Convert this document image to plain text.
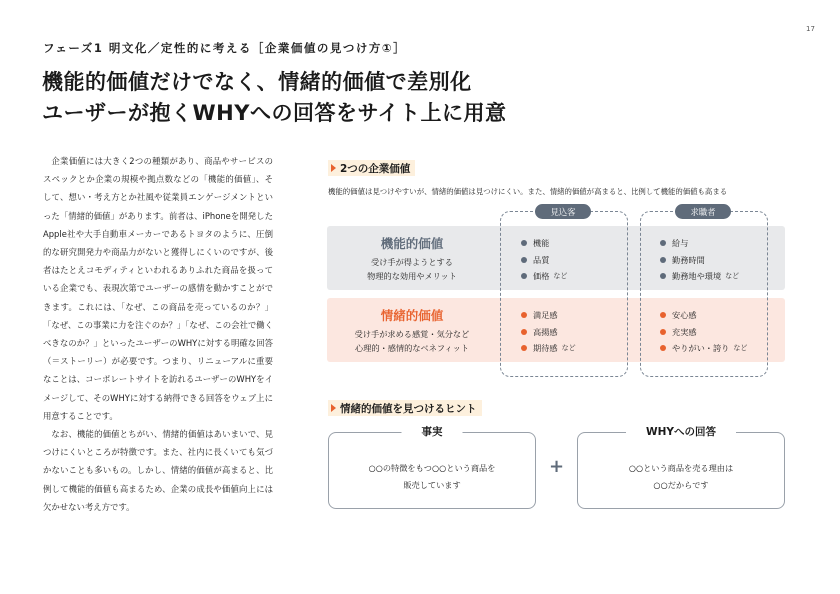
17
フェーズ1 明文化／定性的に考える［企業価値の見つけ方①］
機能的価値だけでなく、情緒的価値で差別化
ユーザーが抱くWHYへの回答をサイト上に用意

企業価値には大きく2つの種類があり、商品やサービスのスペックとか企業の規模や拠点数などの「機能的価値」、そして、想い・考え方とか社風や従業員エンゲージメントといった「情緒的価値」があります。前者は、iPhoneを開発したApple社や大手自動車メーカーであるトヨタのように、圧倒的な研究開発力や商品力がないと獲得しにくいのですが、後者はたとえコモディティといわれるありふれた商品を扱っている企業でも、表現次第でユーザーの感情を動かすことができます。これには、「なぜ、この商品を売っているのか？」「なぜ、この事業に力を注ぐのか？」「なぜ、この会社で働くべきなのか？」といったユーザーのWHYに対する明確な回答（＝ストーリー）が必要です。つまり、リニューアルに重要なことは、コーポレートサイトを訪れるユーザーのWHYをイメージして、そのWHYに対する納得できる回答をウェブ上に用意することです。

なお、機能的価値とちがい、情緒的価値はあいまいで、見つけにくいところが特徴です。また、社内に長くいても気づかないことも多いもの。しかし、情緒的価値が高まると、比例して機能的価値も高まるため、企業の成長や価値向上には欠かせない考え方です。

2つの企業価値
機能的価値は見つけやすいが、情緒的価値は見つけにくい。また、情緒的価値が高まると、比例して機能的価値も高まる
機能的価値
受け手が得ようとする
物理的な効用やメリット
情緒的価値
受け手が求める感覚・気分など
心理的・感情的なベネフィット
見込客	求職者
機能
品質
価格 など
給与
勤務時間
勤務地や環境 など
満足感
高揚感
期待感 など
安心感
充実感
やりがい・誇り など
情緒的価値を見つけるヒント
事実
○○の特徴をもつ○○という商品を
販売しています
+
WHYへの回答
○○という商品を売る理由は
○○だからです
